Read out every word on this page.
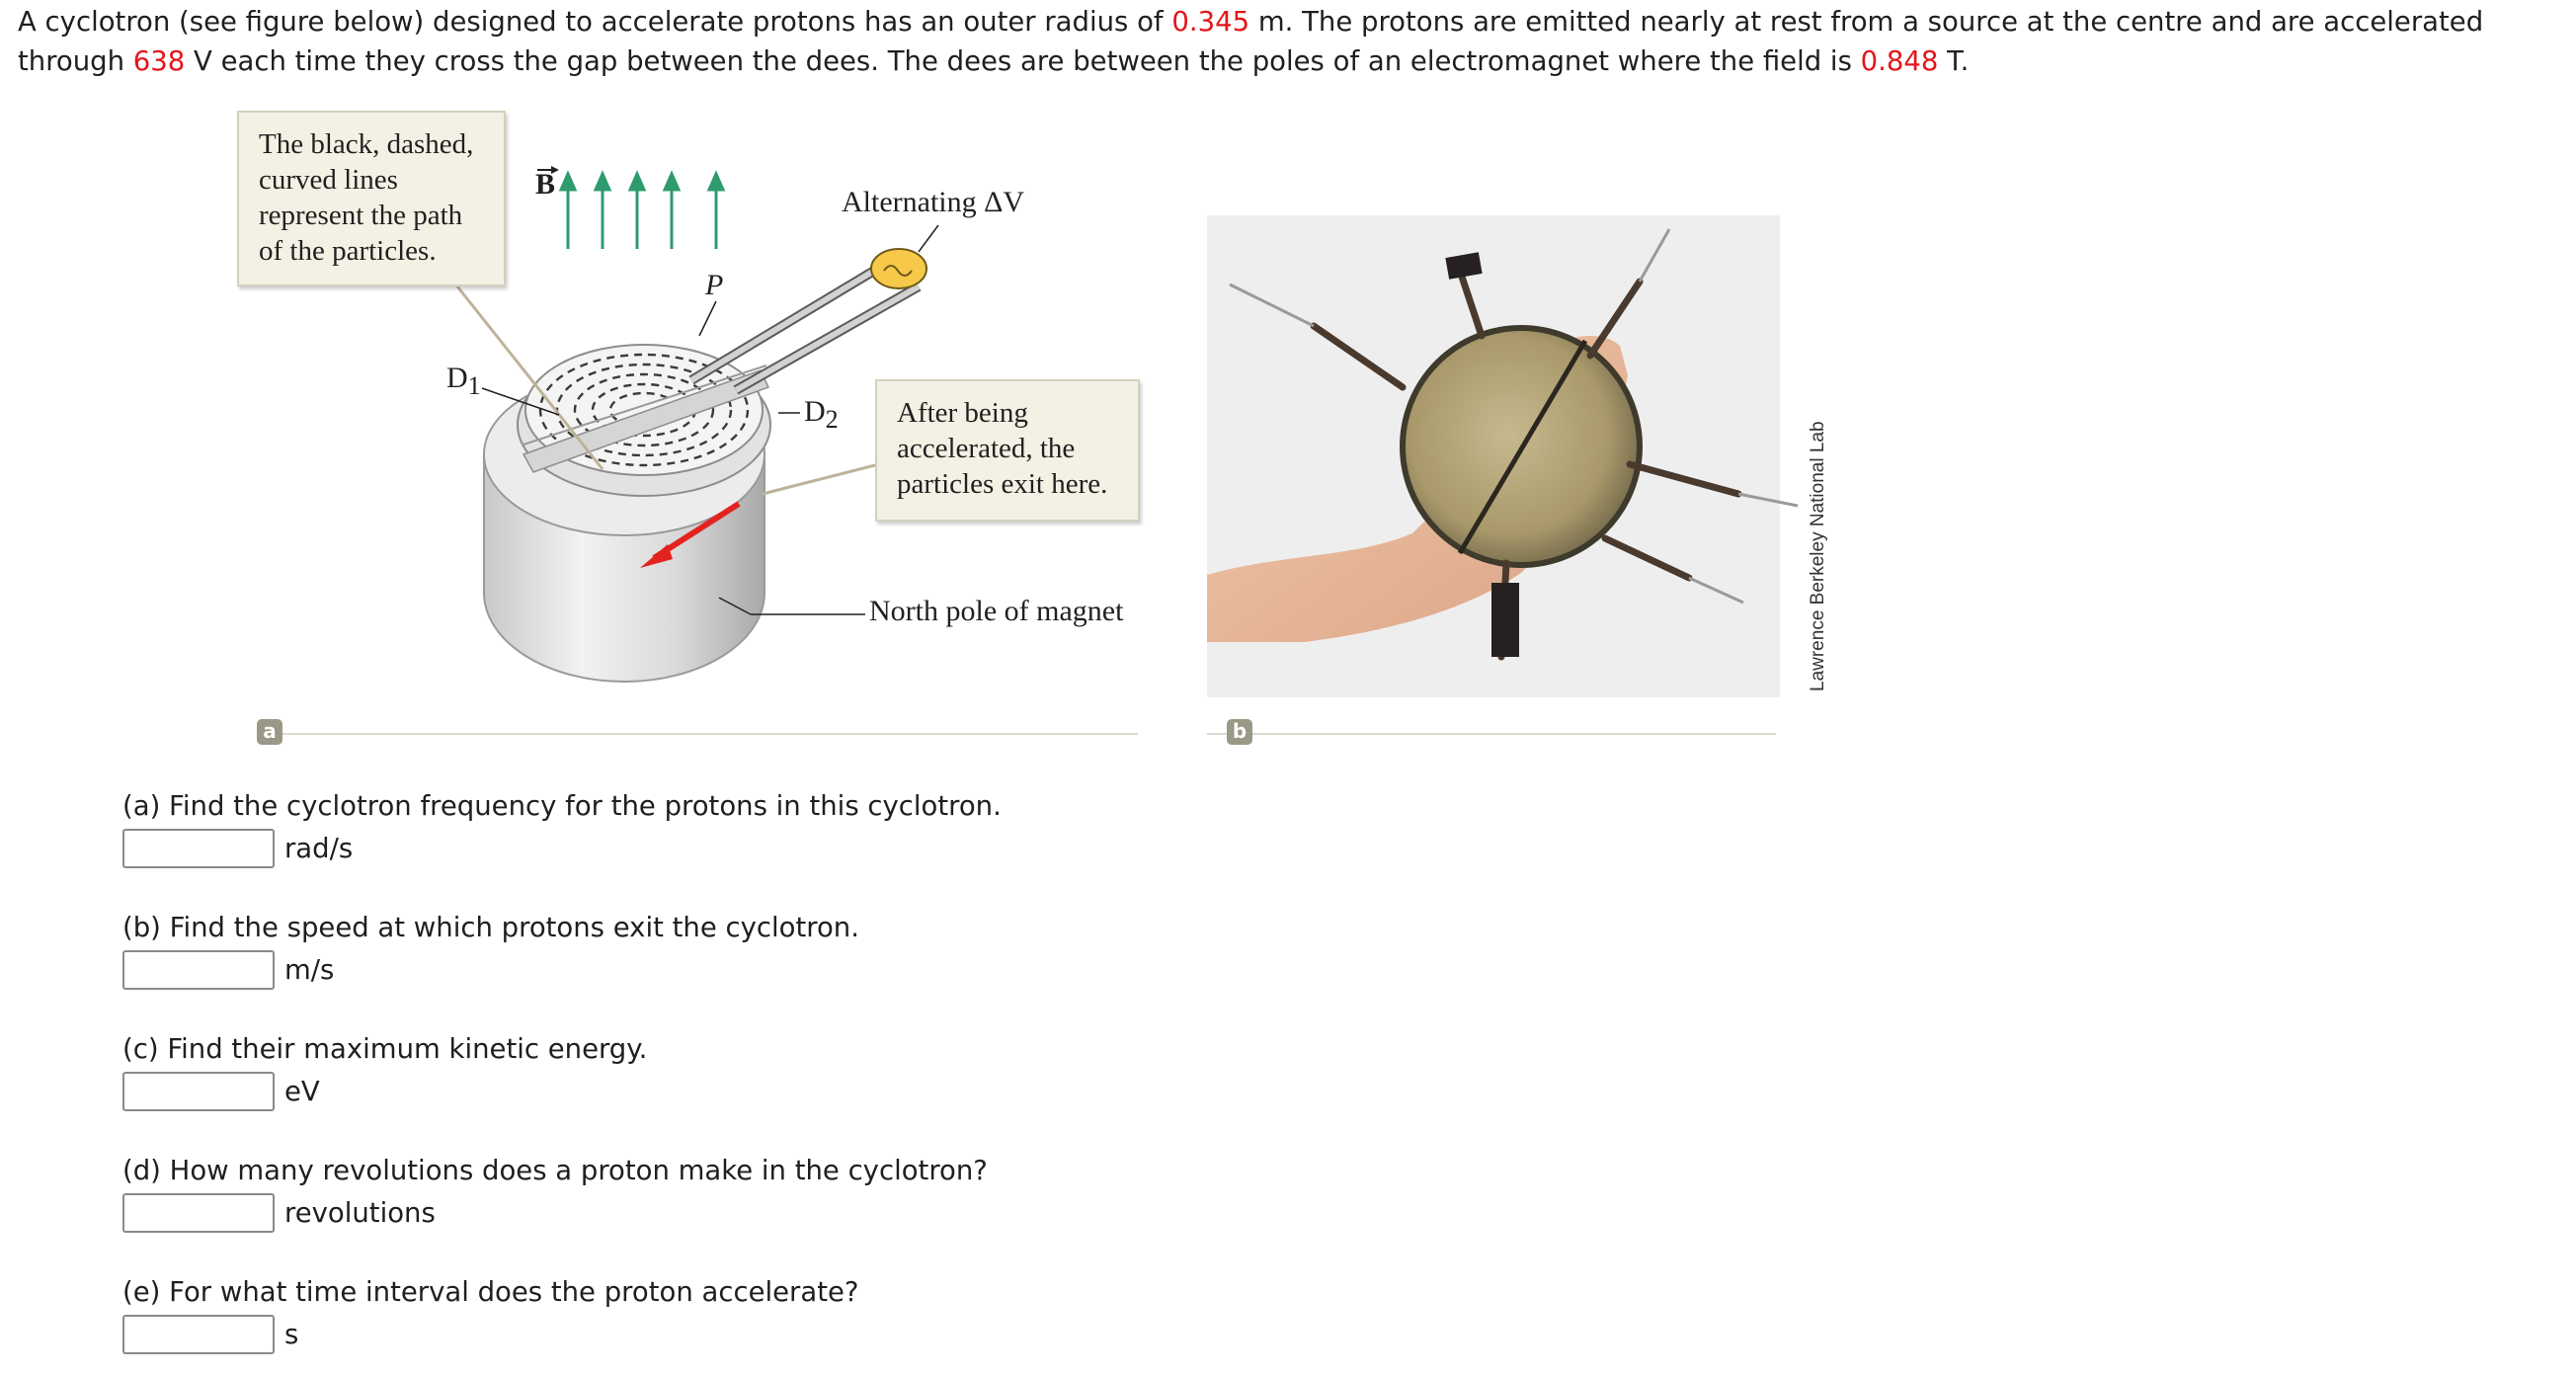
A cyclotron (see figure below) designed to accelerate protons has an outer radius of 0.345 m. The protons are emitted nearly at rest from a source at the centre and are accelerated through 638 V each time they cross the gap between the dees. The dees are between the poles of an electromagnet where the field is 0.848 T.
The black, dashed, curved lines represent the path of the particles.
After being accelerated, the particles exit here.
B
P
$D_1$
$D_2$
Alternating ΔV
North pole of magnet
a	b
Lawrence Berkeley National Lab

(a) Find the cyclotron frequency for the protons in this cyclotron.

rad/s

(b) Find the speed at which protons exit the cyclotron.

m/s

(c) Find their maximum kinetic energy.

eV

(d) How many revolutions does a proton make in the cyclotron?

revolutions

(e) For what time interval does the proton accelerate?

s
